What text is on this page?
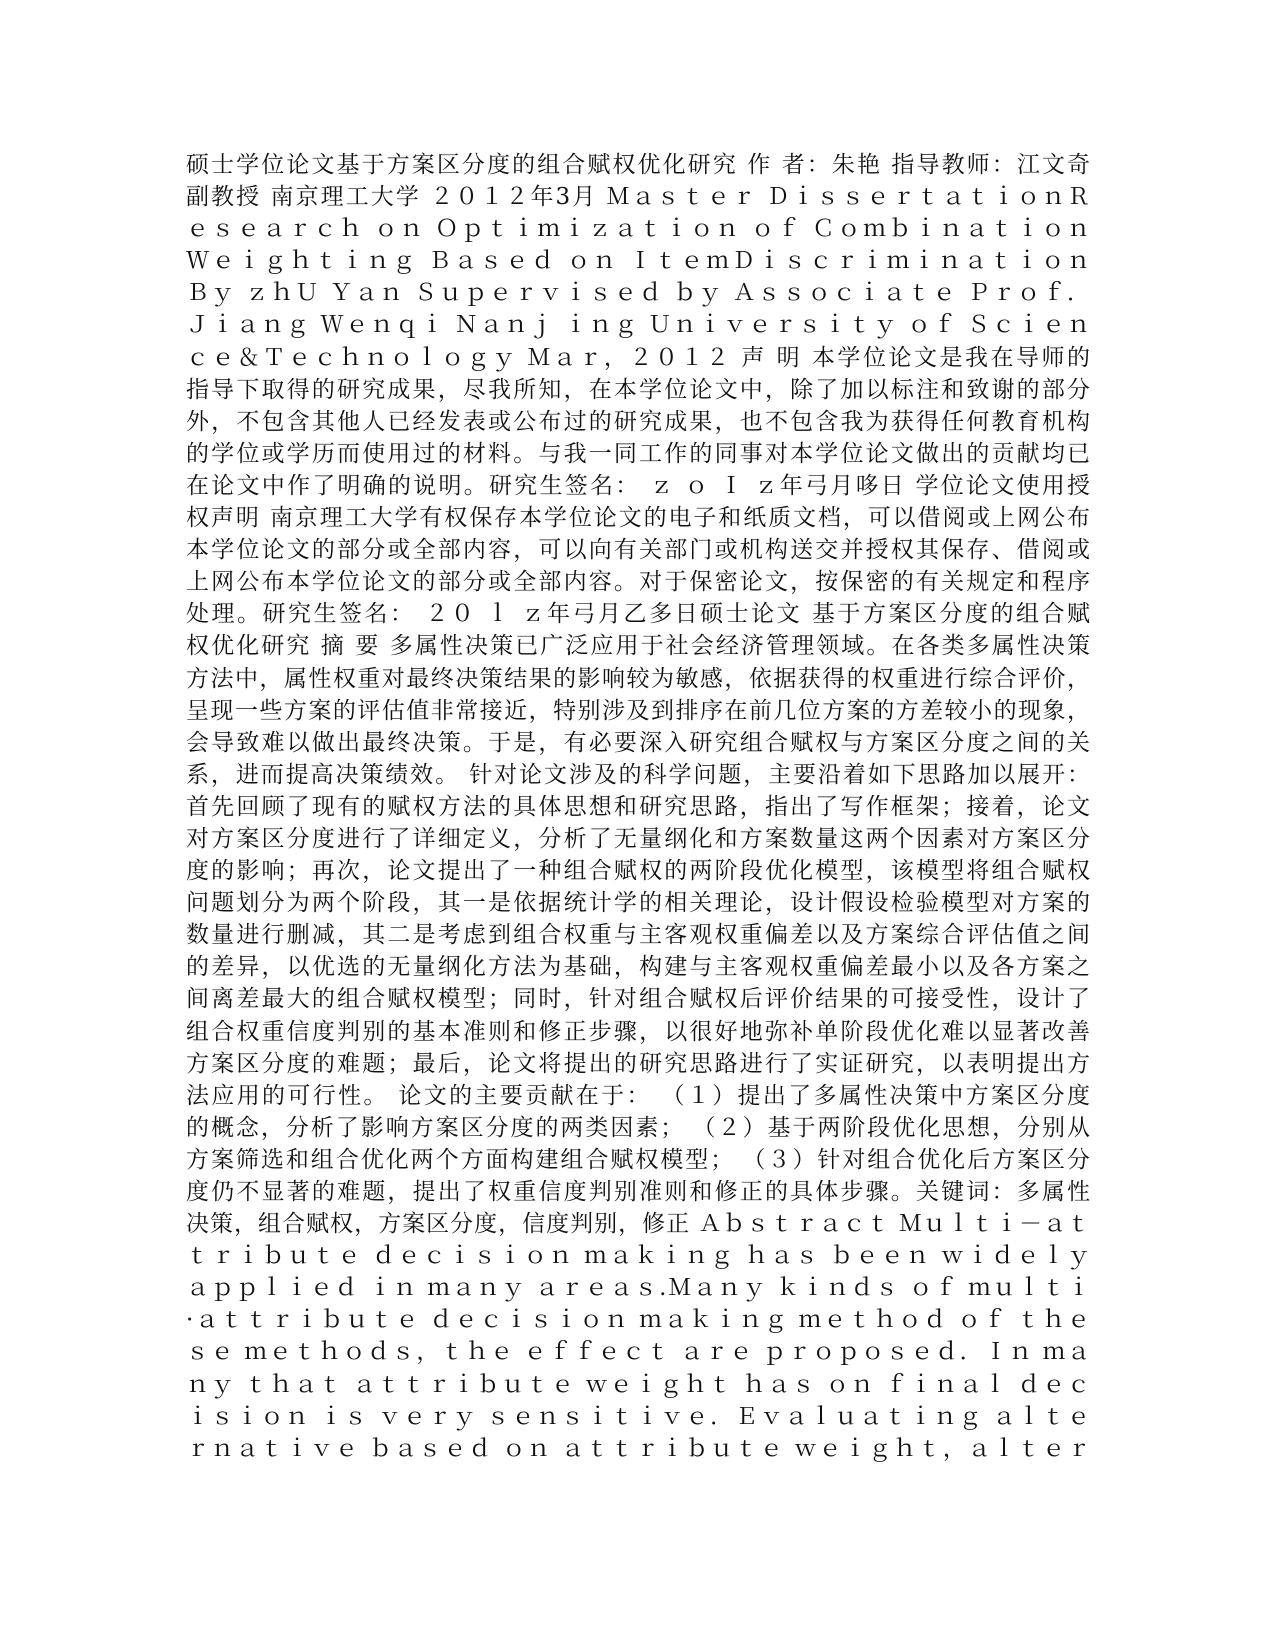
硕士学位论文基于方案区分度的组合赋权优化研究 作 者：朱艳 指导教师：江文奇
副教授 南京理工大学 ２０１２年3月 Ｍａｓｔｅｒ ＤｉｓｓｅｒｔａｔｉｏｎＲ
ｅｓｅａｒｃｈ ｏｎ Ｏｐｔｉｍｉｚａｔｉｏｎ ｏｆ Ｃｏｍｂｉｎａｔｉｏｎ
Ｗｅｉｇｈｔｉｎｇ Ｂａｓｅｄ ｏｎ ＩｔｅｍＤｉｓｃｒｉｍｉｎａｔｉｏｎ
Ｂｙ ｚｈＵ Ｙａｎ Ｓｕｐｅｒｖｉｓｅｄ ｂｙ Ａｓｓｏｃｉａｔｅ Ｐｒｏｆ．
Ｊｉａｎｇ Ｗｅｎｑｉ Ｎａｎｊ ｉｎｇ Ｕｎｉｖｅｒｓｉｔｙ ｏｆ Ｓｃｉｅｎ
ｃｅ＆Ｔｅｃｈｎｏｌｏｇｙ Ｍａｒ，２０１２ 声 明 本学位论文是我在导师的
指导下取得的研究成果，尽我所知，在本学位论文中，除了加以标注和致谢的部分
外，不包含其他人已经发表或公布过的研究成果，也不包含我为获得任何教育机构
的学位或学历而使用过的材料。与我一同工作的同事对本学位论文做出的贡献均已
在论文中作了明确的说明。研究生签名： ｚ ｏ Ｉ ｚ年弓月哆日 学位论文使用授
权声明 南京理工大学有权保存本学位论文的电子和纸质文档，可以借阅或上网公布
本学位论文的部分或全部内容，可以向有关部门或机构送交并授权其保存、借阅或
上网公布本学位论文的部分或全部内容。对于保密论文，按保密的有关规定和程序
处理。研究生签名： ２０ ｌ ｚ年弓月乙多日硕士论文 基于方案区分度的组合赋
权优化研究 摘 要 多属性决策已广泛应用于社会经济管理领域。在各类多属性决策
方法中，属性权重对最终决策结果的影响较为敏感，依据获得的权重进行综合评价，
呈现一些方案的评估值非常接近，特别涉及到排序在前几位方案的方差较小的现象，
会导致难以做出最终决策。于是，有必要深入研究组合赋权与方案区分度之间的关
系，进而提高决策绩效。 针对论文涉及的科学问题，主要沿着如下思路加以展开：
首先回顾了现有的赋权方法的具体思想和研究思路，指出了写作框架；接着，论文
对方案区分度进行了详细定义，分析了无量纲化和方案数量这两个因素对方案区分
度的影响；再次，论文提出了一种组合赋权的两阶段优化模型，该模型将组合赋权
问题划分为两个阶段，其一是依据统计学的相关理论，设计假设检验模型对方案的
数量进行删减，其二是考虑到组合权重与主客观权重偏差以及方案综合评估值之间
的差异，以优选的无量纲化方法为基础，构建与主客观权重偏差最小以及各方案之
间离差最大的组合赋权模型；同时，针对组合赋权后评价结果的可接受性，设计了
组合权重信度判别的基本准则和修正步骤，以很好地弥补单阶段优化难以显著改善
方案区分度的难题；最后，论文将提出的研究思路进行了实证研究，以表明提出方
法应用的可行性。 论文的主要贡献在于： （１）提出了多属性决策中方案区分度
的概念，分析了影响方案区分度的两类因素； （２）基于两阶段优化思想，分别从
方案筛选和组合优化两个方面构建组合赋权模型； （３）针对组合优化后方案区分
度仍不显著的难题，提出了权重信度判别准则和修正的具体步骤。关键词：多属性
决策，组合赋权，方案区分度，信度判别，修正 Ａｂｓｔｒａｃｔ Ｍｕｌｔｉ－ａｔ
ｔｒｉｂｕｔｅ ｄｅｃｉｓｉｏｎ ｍａｋｉｎｇ ｈａｓ ｂｅｅｎ ｗｉｄｅｌｙ
ａｐｐｌｉｅｄ ｉｎ ｍａｎｙ ａｒｅａｓ.Ｍａｎｙ ｋｉｎｄｓ ｏｆ ｍｕｌｔｉ
·ａｔｔｒｉｂｕｔｅ ｄｅｃｉｓｉｏｎ ｍａｋｉｎｇ ｍｅｔｈｏｄ ｏｆ ｔｈｅ
ｓｅ ｍｅｔｈｏｄｓ，ｔｈｅ ｅｆｆｅｃｔ ａｒｅ ｐｒｏｐｏｓｅｄ．Ｉｎ ｍａ
ｎｙ ｔｈａｔ ａｔｔｒｉｂｕｔｅ ｗｅｉｇｈｔ ｈａｓ ｏｎ ｆｉｎａｌ ｄｅｃ
ｉｓｉｏｎ ｉｓ ｖｅｒｙ ｓｅｎｓｉｔｉｖｅ．Ｅｖａｌｕａｔｉｎｇ ａｌｔｅ
ｒｎａｔｉｖｅ ｂａｓｅｄ ｏｎ ａｔｔｒｉｂｕｔｅ ｗｅｉｇｈｔ，ａｌｔｅｒ
